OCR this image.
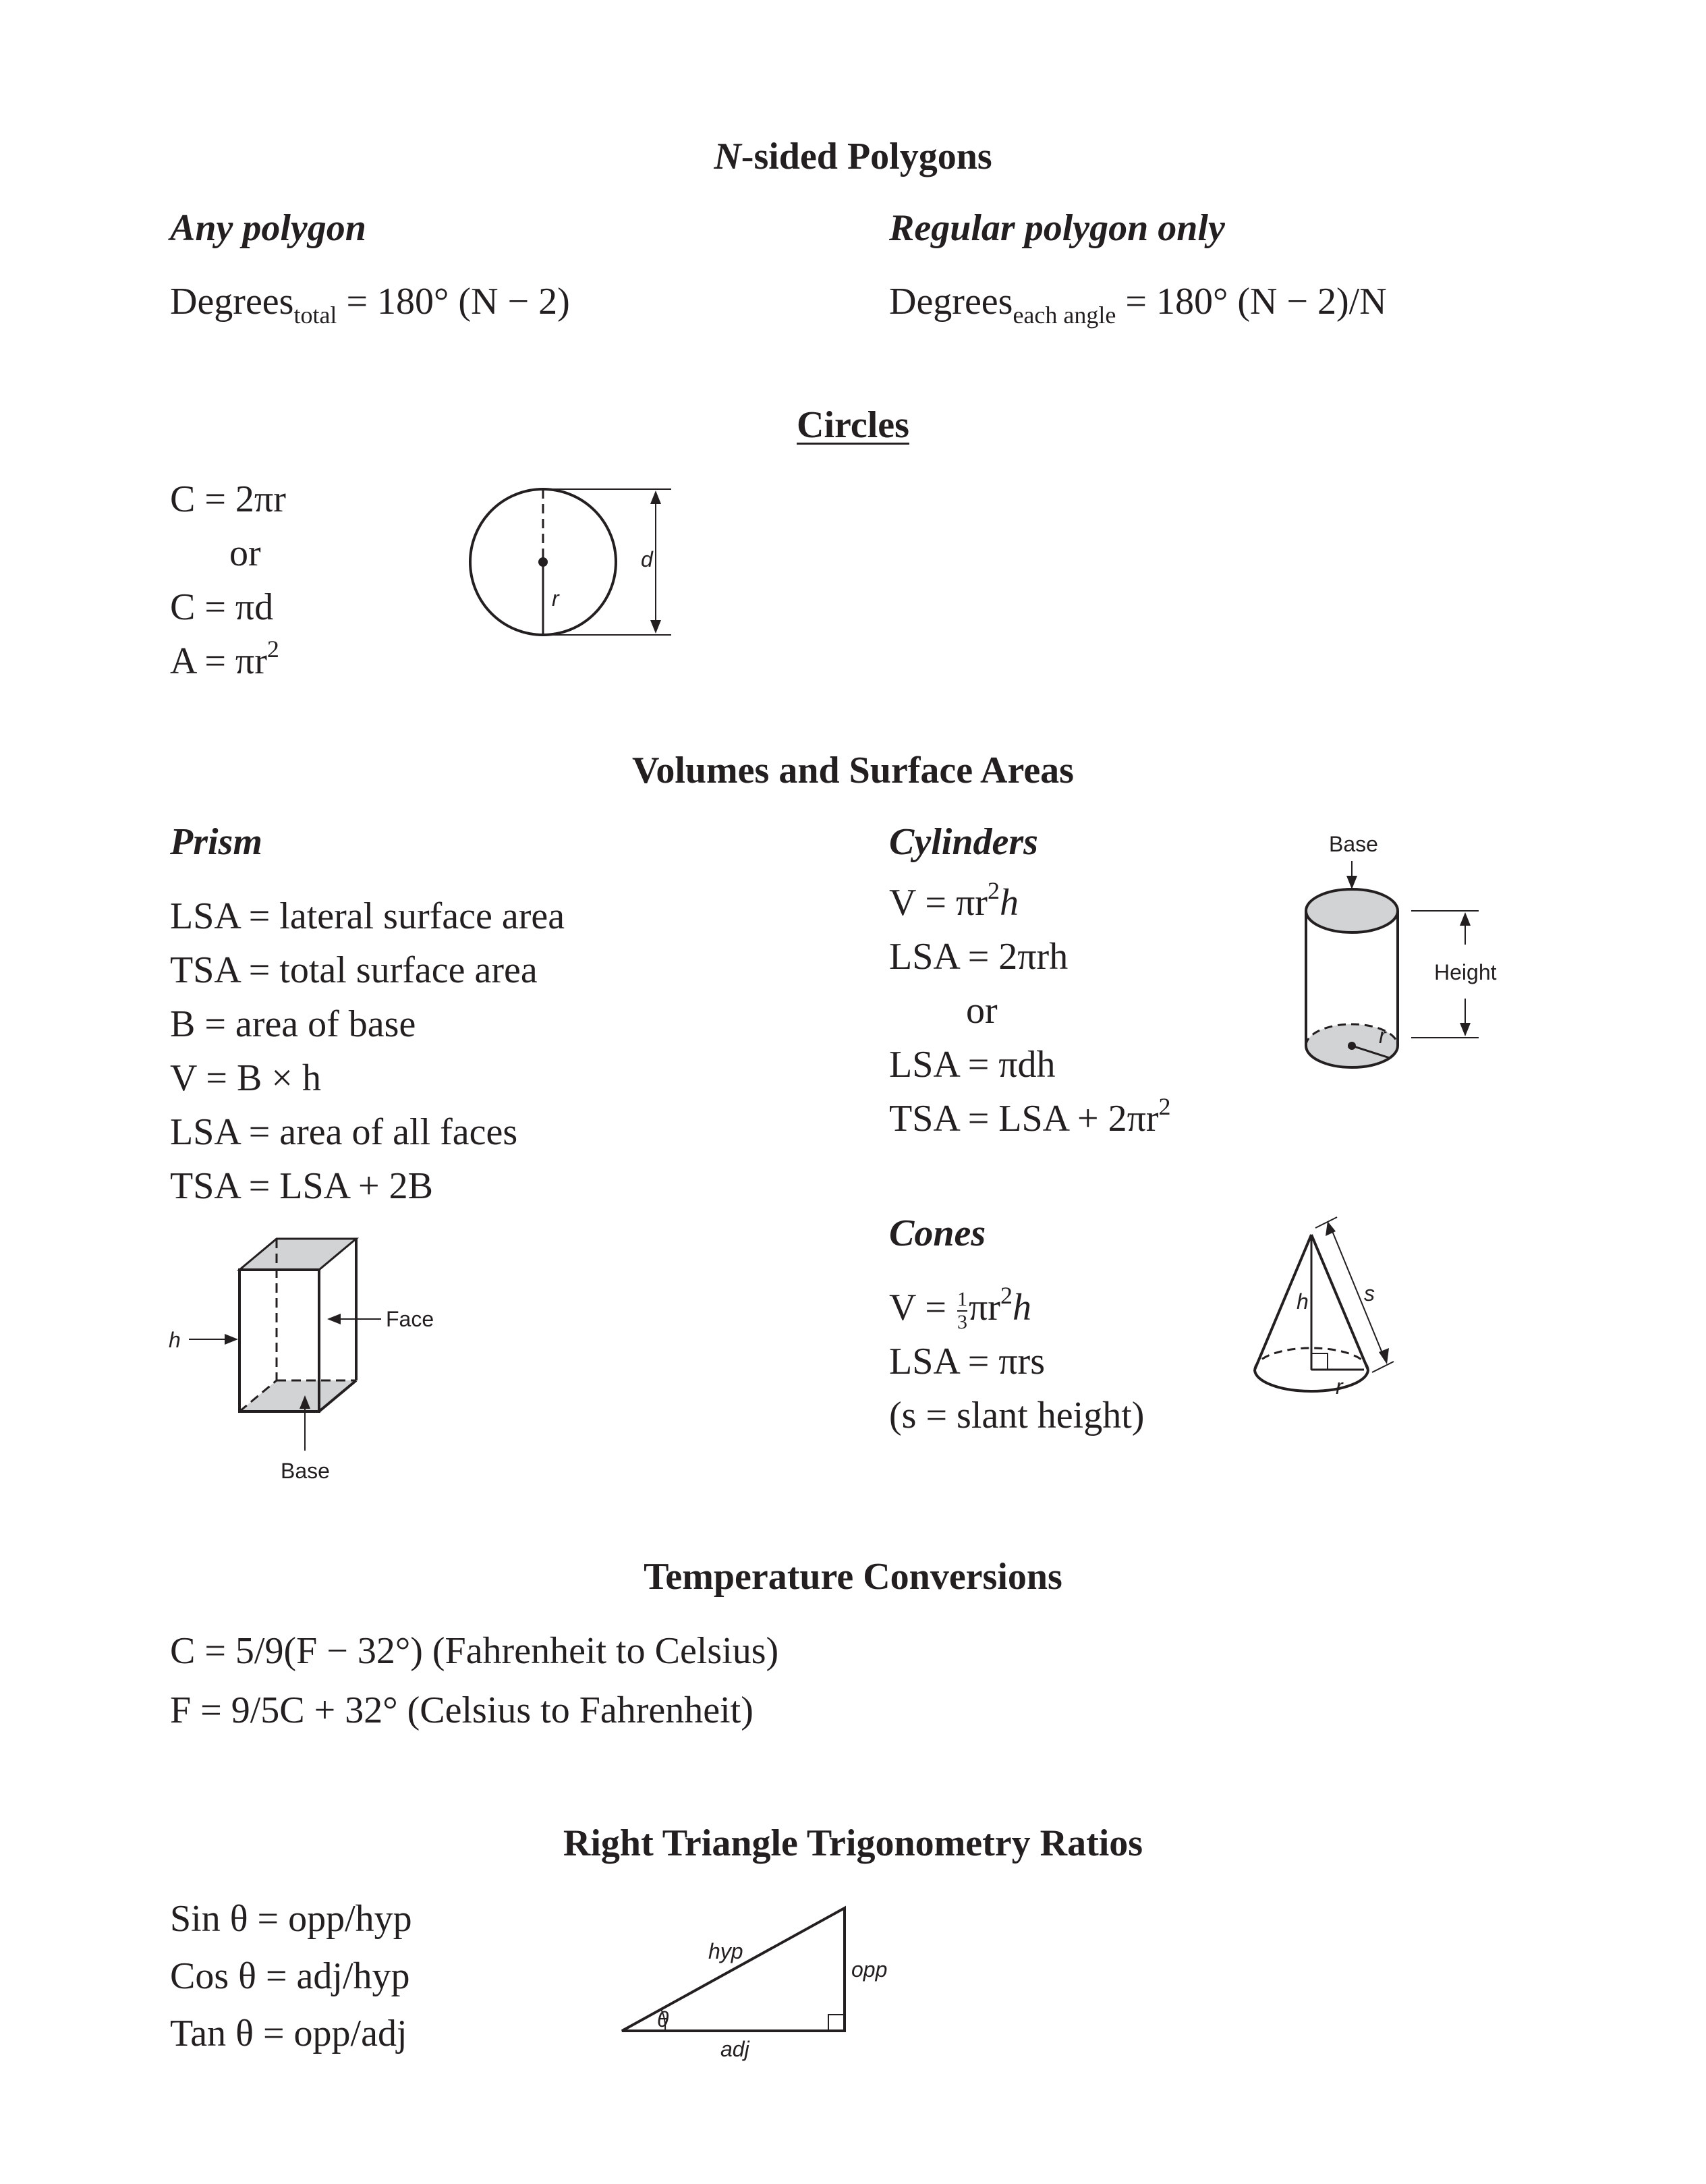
N-sided Polygons
Any polygon	Regular polygon only
Degrees$_{total}$ = 180° (N − 2)	Degrees$_{each angle}$ = 180° (N − 2)/N
Circles
C = 2πr
or
C = πd
$A = \pi r^2$
r
d
Volumes and Surface Areas
Prism
LSA = lateral surface area
TSA = total surface area
B = area of base
V = B × h
LSA = area of all faces
TSA = LSA + 2B
h
Face
Base
Cylinders
$V = \pi r^2h$
LSA = 2πrh
or
LSA = πdh
TSA = LSA + $2\pi r^2$
Base
Height
r
Cones
$V = \frac{1}{3} \pi r^2h$
LSA = πrs
(s = slant height)
h	s
r
Temperature Conversions
C = 5/9(F − 32°) (Fahrenheit to Celsius)
F = 9/5C + 32° (Celsius to Fahrenheit)
Right Triangle Trigonometry Ratios
Sin θ = opp/hyp
Cos θ = adj/hyp
Tan θ = opp/adj
hyp
opp
adj
θ
